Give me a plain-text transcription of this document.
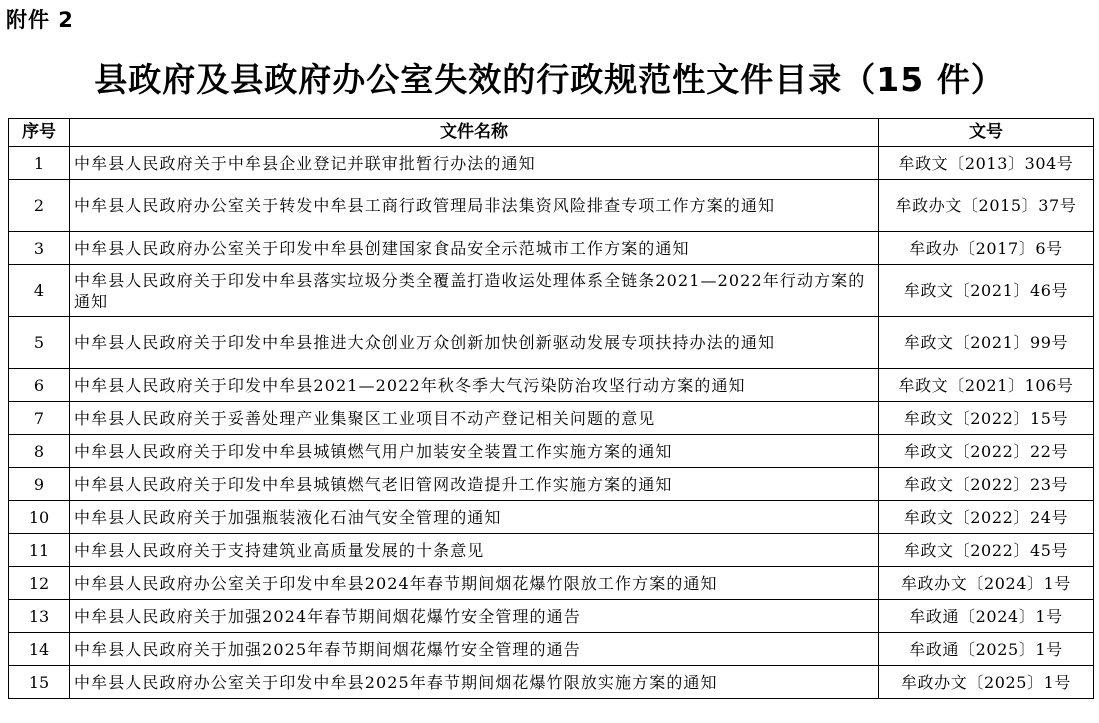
附件 2
县政府及县政府办公室失效的行政规范性文件目录（15 件）
序号	文件名称	文号
1	中牟县人民政府关于中牟县企业登记并联审批暂行办法的通知	牟政文〔2013〕304号
2	中牟县人民政府办公室关于转发中牟县工商行政管理局非法集资风险排查专项工作方案的通知	牟政办文〔2015〕37号
3	中牟县人民政府办公室关于印发中牟县创建国家食品安全示范城市工作方案的通知	牟政办〔2017〕6号
4	中牟县人民政府关于印发中牟县落实垃圾分类全覆盖打造收运处理体系全链条2021—2022年行动方案的通知	牟政文〔2021〕46号
5	中牟县人民政府关于印发中牟县推进大众创业万众创新加快创新驱动发展专项扶持办法的通知	牟政文〔2021〕99号
6	中牟县人民政府关于印发中牟县2021—2022年秋冬季大气污染防治攻坚行动方案的通知	牟政文〔2021〕106号
7	中牟县人民政府关于妥善处理产业集聚区工业项目不动产登记相关问题的意见	牟政文〔2022〕15号
8	中牟县人民政府关于印发中牟县城镇燃气用户加装安全装置工作实施方案的通知	牟政文〔2022〕22号
9	中牟县人民政府关于印发中牟县城镇燃气老旧管网改造提升工作实施方案的通知	牟政文〔2022〕23号
10	中牟县人民政府关于加强瓶装液化石油气安全管理的通知	牟政文〔2022〕24号
11	中牟县人民政府关于支持建筑业高质量发展的十条意见	牟政文〔2022〕45号
12	中牟县人民政府办公室关于印发中牟县2024年春节期间烟花爆竹限放工作方案的通知	牟政办文〔2024〕1号
13	中牟县人民政府关于加强2024年春节期间烟花爆竹安全管理的通告	牟政通〔2024〕1号
14	中牟县人民政府关于加强2025年春节期间烟花爆竹安全管理的通告	牟政通〔2025〕1号
15	中牟县人民政府办公室关于印发中牟县2025年春节期间烟花爆竹限放实施方案的通知	牟政办文〔2025〕1号
